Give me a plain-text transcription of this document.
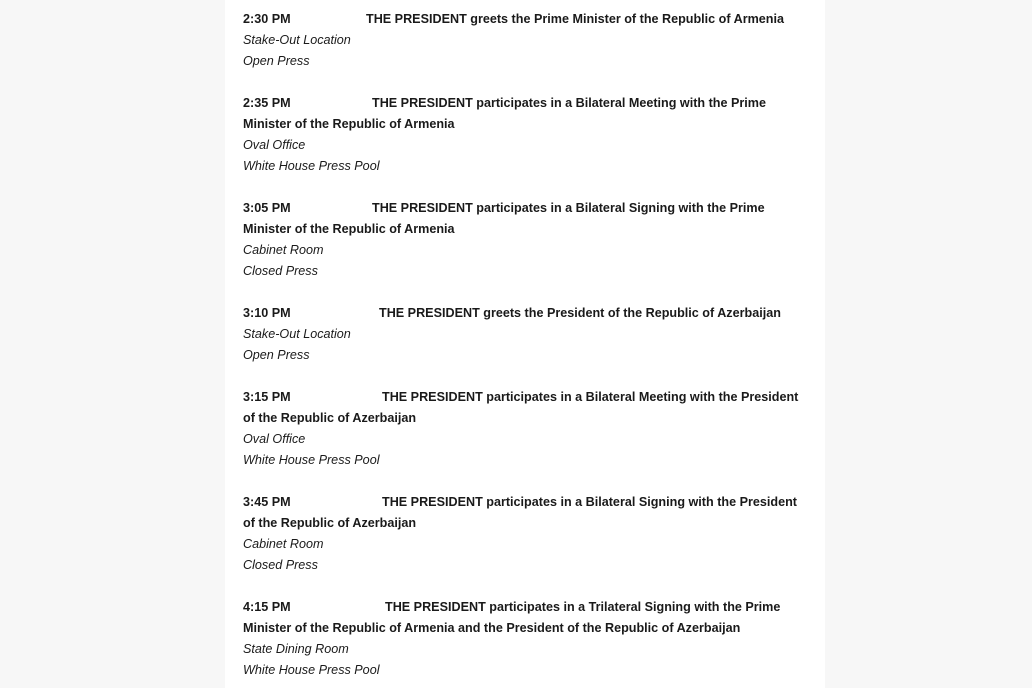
2:30 PM	THE PRESIDENT greets the Prime Minister of the Republic of Armenia

Stake-Out Location

Open Press

2:35 PM	THE PRESIDENT participates in a Bilateral Meeting with the Prime Minister of the Republic of Armenia

Oval Office

White House Press Pool

3:05 PM	THE PRESIDENT participates in a Bilateral Signing with the Prime Minister of the Republic of Armenia

Cabinet Room

Closed Press

3:10 PM	THE PRESIDENT greets the President of the Republic of Azerbaijan

Stake-Out Location

Open Press

3:15 PM	THE PRESIDENT participates in a Bilateral Meeting with the President of the Republic of Azerbaijan

Oval Office

White House Press Pool

3:45 PM	THE PRESIDENT participates in a Bilateral Signing with the President of the Republic of Azerbaijan

Cabinet Room

Closed Press

4:15 PM	THE PRESIDENT participates in a Trilateral Signing with the Prime Minister of the Republic of Armenia and the President of the Republic of Azerbaijan

State Dining Room

White House Press Pool
